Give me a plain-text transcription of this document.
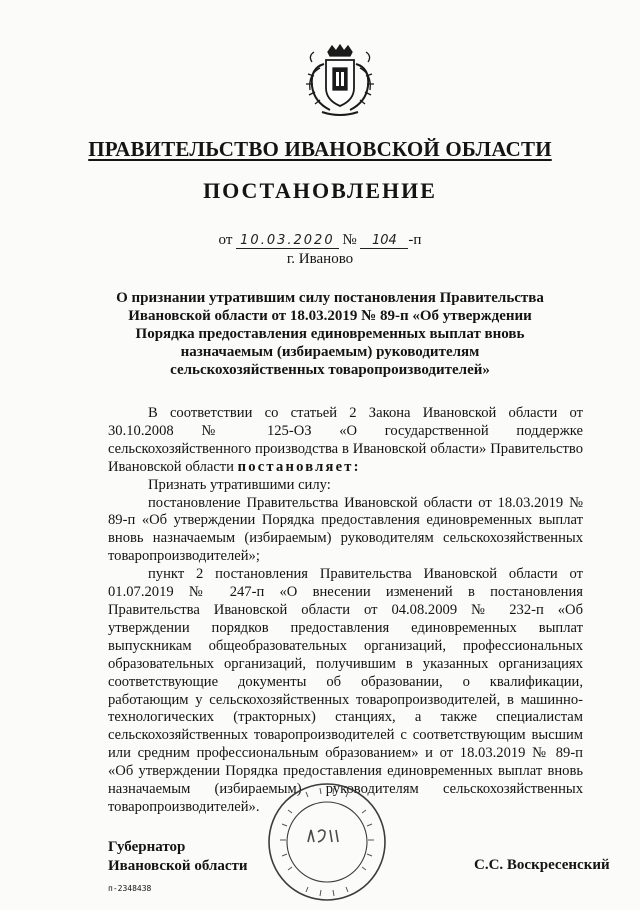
ПРАВИТЕЛЬСТВО ИВАНОВСКОЙ ОБЛАСТИ
ПОСТАНОВЛЕНИЕ
от 10.03.2020 № 104 -п
г. Иваново
О признании утратившим силу постановления Правительства Ивановской области от 18.03.2019 № 89-п «Об утверждении Порядка предоставления единовременных выплат вновь назначаемым (избираемым) руководителям сельскохозяйственных товаропроизводителей»

В соответствии со статьей 2 Закона Ивановской области от 30.10.2008 № 125-ОЗ «О государственной поддержке сельскохозяйственного производства в Ивановской области» Правительство Ивановской области постановляет:

Признать утратившими силу:

постановление Правительства Ивановской области от 18.03.2019 № 89-п «Об утверждении Порядка предоставления единовременных выплат вновь назначаемым (избираемым) руководителям сельскохозяйственных товаропроизводителей»;

пункт 2 постановления Правительства Ивановской области от 01.07.2019 № 247-п «О внесении изменений в постановления Правительства Ивановской области от 04.08.2009 № 232-п «Об утверждении порядков предоставления единовременных выплат выпускникам общеобразовательных организаций, профессиональных образовательных организаций, получившим в указанных организациях соответствующие документы об образовании, о квалификации, работающим у сельскохозяйственных товаропроизводителей, в машинно-технологических (тракторных) станциях, а также специалистам сельскохозяйственных товаропроизводителей с соответствующим высшим или средним профессиональным образованием» и от 18.03.2019 № 89-п «Об утверждении Порядка предоставления единовременных выплат вновь назначаемым (избираемым) руководителям сельскохозяйственных товаропроизводителей».

Губернатор
Ивановской области	С.С. Воскресенский
п-2348438
